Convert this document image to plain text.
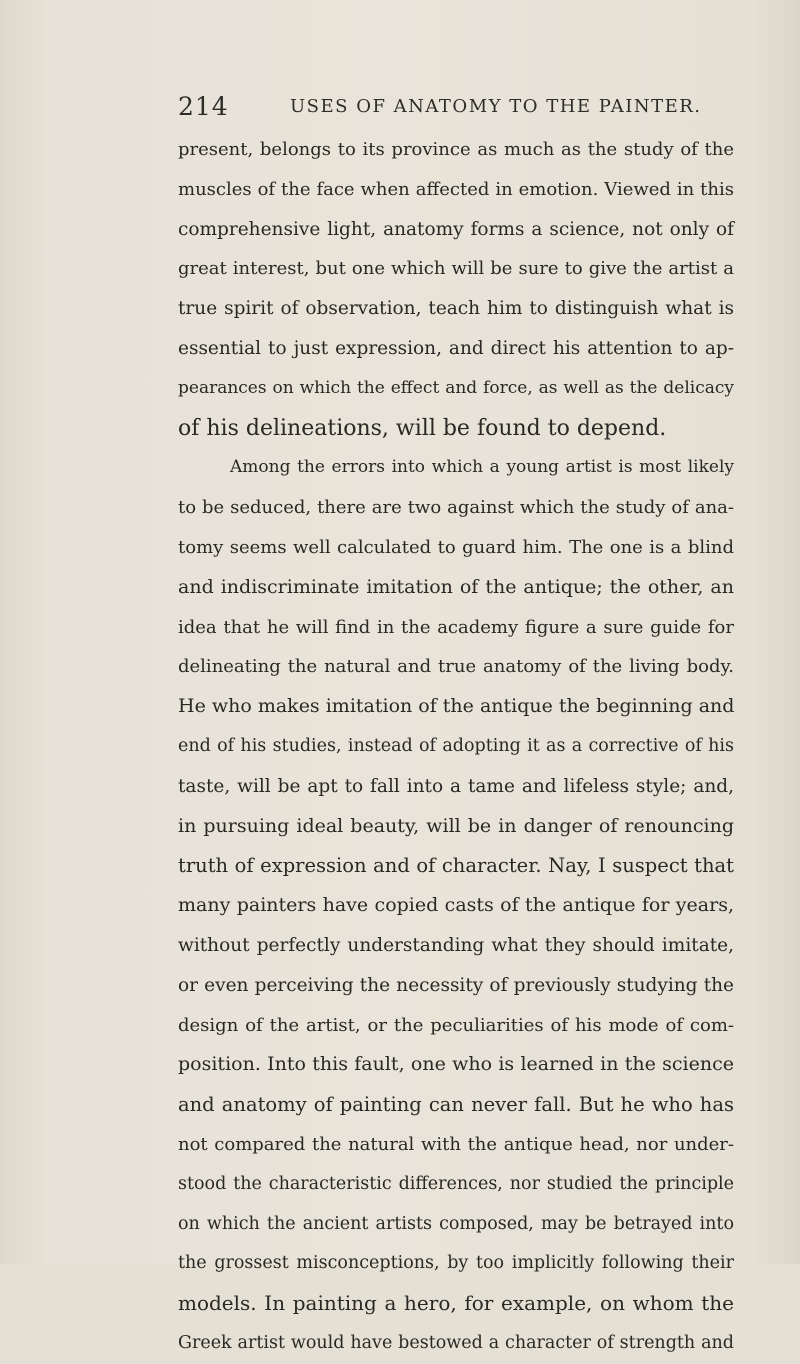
214	USES OF ANATOMY TO THE PAINTER.
present, belongs to its province as much as the study of the
muscles of the face when affected in emotion. Viewed in this
comprehensive light, anatomy forms a science, not only of
great interest, but one which will be sure to give the artist a
true spirit of observation, teach him to distinguish what is
essential to just expression, and direct his attention to ap-
pearances on which the effect and force, as well as the delicacy
of his delineations, will be found to depend.
Among the errors into which a young artist is most likely
to be seduced, there are two against which the study of ana-
tomy seems well calculated to guard him. The one is a blind
and indiscriminate imitation of the antique; the other, an
idea that he will find in the academy figure a sure guide for
delineating the natural and true anatomy of the living body.
He who makes imitation of the antique the beginning and
end of his studies, instead of adopting it as a corrective of his
taste, will be apt to fall into a tame and lifeless style; and,
in pursuing ideal beauty, will be in danger of renouncing
truth of expression and of character. Nay, I suspect that
many painters have copied casts of the antique for years,
without perfectly understanding what they should imitate,
or even perceiving the necessity of previously studying the
design of the artist, or the peculiarities of his mode of com-
position. Into this fault, one who is learned in the science
and anatomy of painting can never fall. But he who has
not compared the natural with the antique head, nor under-
stood the characteristic differences, nor studied the principle
on which the ancient artists composed, may be betrayed into
the grossest misconceptions, by too implicitly following their
models. In painting a hero, for example, on whom the
Greek artist would have bestowed a character of strength and
